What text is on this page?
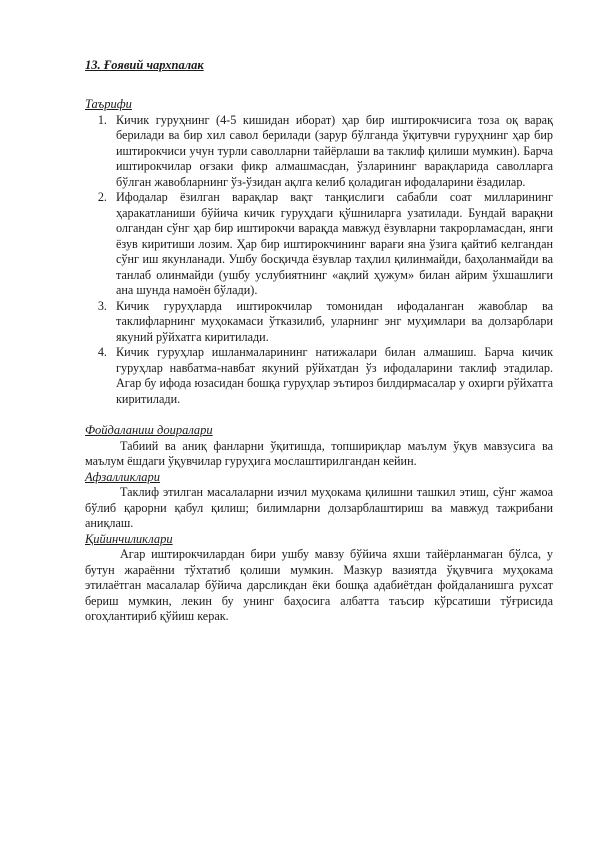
13. Ғоявий чархпалак
Таърифи
1. Кичик гуруҳнинг (4-5 кишидан иборат) ҳар бир иштирокчисига тоза оқ варақ берилади ва бир хил савол берилади (зарур бўлганда ўқитувчи гуруҳнинг ҳар бир иштирокчиси учун турли саволларни тайёрлаши ва таклиф қилиши мумкин). Барча иштирокчилар оғзаки фикр алмашмасдан, ўзларининг варақларида саволларга бўлган жавобларнинг ўз-ўзидан ақлга келиб қоладиган ифодаларини ёзадилар.
2. Ифодалар ёзилган варақлар вақт танқислиги сабабли соат милларининг ҳаракатланиши бўйича кичик гуруҳдаги қўшниларга узатилади. Бундай варақни олгандан сўнг ҳар бир иштирокчи варақда мавжуд ёзувларни такрорламасдан, янги ёзув киритиши лозим. Ҳар бир иштирокчининг варағи яна ўзига қайтиб келгандан сўнг иш якунланади. Ушбу босқичда ёзувлар таҳлил қилинмайди, баҳоланмайди ва танлаб олинмайди (ушбу услубиятнинг «ақлий ҳужум» билан айрим ўхшашлиги ана шунда намоён бўлади).
3. Кичик гуруҳларда иштирокчилар томонидан ифодаланган жавоблар ва таклифларнинг муҳокамаси ўтказилиб, уларнинг энг муҳимлари ва долзарблари якуний рўйхатга киритилади.
4. Кичик гуруҳлар ишланмаларининг натижалари билан алмашиш. Барча кичик гуруҳлар навбатма-навбат якуний рўйхатдан ўз ифодаларини таклиф этадилар. Агар бу ифода юзасидан бошқа гуруҳлар эътироз билдирмасалар у охирги рўйхатга киритилади.
Фойдаланиш доиралари

Табиий ва аниқ фанларни ўқитишда, топшириқлар маълум ўқув мавзусига ва маълум ёшдаги ўқувчилар гуруҳига мослаштирилгандан кейин.

Афзалликлари

Таклиф этилган масалаларни изчил муҳокама қилишни ташкил этиш, сўнг жамоа бўлиб қарорни қабул қилиш; билимларни долзарблаштириш ва мавжуд тажрибани аниқлаш.

Қийинчиликлари

Агар иштирокчилардан бири ушбу мавзу бўйича яхши тайёрланмаган бўлса, у бутун жараённи тўхтатиб қолиши мумкин. Мазкур вазиятда ўқувчига муҳокама этилаётган масалалар бўйича дарсликдан ёки бошқа адабиётдан фойдаланишга рухсат бериш мумкин, лекин бу унинг баҳосига албатта таъсир кўрсатиши тўғрисида огоҳлантириб қўйиш керак.
